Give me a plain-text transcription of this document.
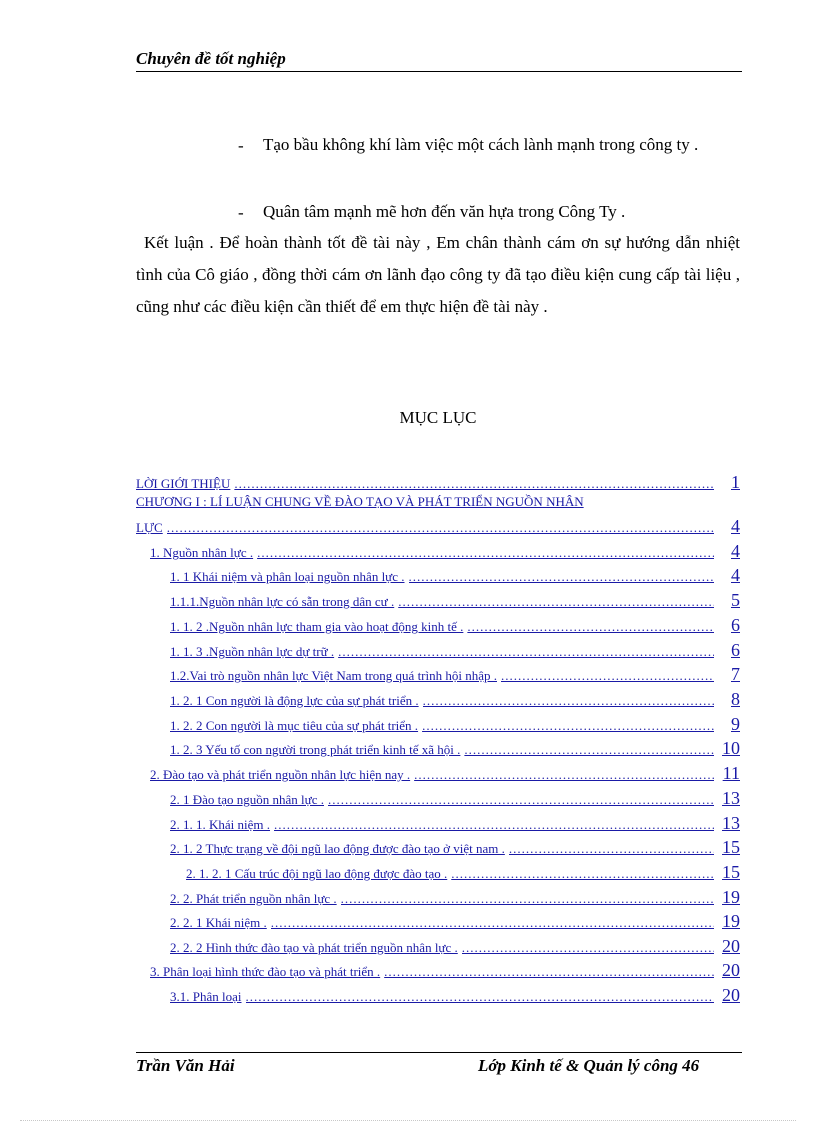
Chuyên đề tốt nghiệp
- Tạo bầu không khí làm việc một cách lành mạnh trong công ty .
- Quân tâm mạnh mẽ hơn đến văn hựa trong Công Ty .

Kết luận . Để hoàn thành tốt đề tài này , Em chân thành cám ơn sự hướng dẫn nhiệt tình của Cô giáo , đồng thời cám ơn lãnh đạo công ty đã tạo điều kiện cung cấp tài liệu , cũng như các điều kiện cần thiết để em thực hiện đề tài này .

MỤC LỤC
LỜI GIỚI THIỆU .....	1
CHƯƠNG I : LÍ LUẬN CHUNG VỀ ĐÀO TẠO VÀ PHÁT TRIỂN NGUỒN NHÂN
LỰC .....	4
1. Nguồn nhân lực . .....	4
1. 1 Khái niệm và phân loại nguồn nhân lực . .....	4
1.1.1.Nguồn nhân lực có sẵn trong dân cư . .....	5
1. 1. 2 .Nguồn nhân lực tham gia vào hoạt động kinh tế . .....	6
1. 1. 3 .Nguồn nhân lực dự trữ . .....	6
1.2.Vai trò nguồn nhân lực Việt Nam trong quá trình hội nhập . .....	7
1. 2. 1 Con người là động lực của sự phát triển . .....	8
1. 2. 2 Con người là mục tiêu của sự phát triển . .....	9
1. 2. 3 Yếu tố con người trong phát triển kinh tế xã hội . .....	10
2. Đào tạo và phát triển nguồn nhân lực hiện nay . .....	11
2. 1 Đào tạo nguồn nhân lực . .....	13
2. 1. 1. Khái niệm . .....	13
2. 1. 2 Thực trạng về đội ngũ lao động được đào tạo ở việt nam . .....	15
2. 1. 2. 1 Cấu trúc đội ngũ lao động được đào tạo . .....	15
2. 2. Phát triển nguồn nhân lực . .....	19
2. 2. 1 Khái niệm . .....	19
2. 2. 2 Hình thức đào tạo và phát triển nguồn nhân lực . .....	20
3. Phân loại hình thức đào tạo và phát triển . .....	20
3.1. Phân loại .....	20
Trần Văn Hải	Lớp Kinh tế & Quản lý công 46
